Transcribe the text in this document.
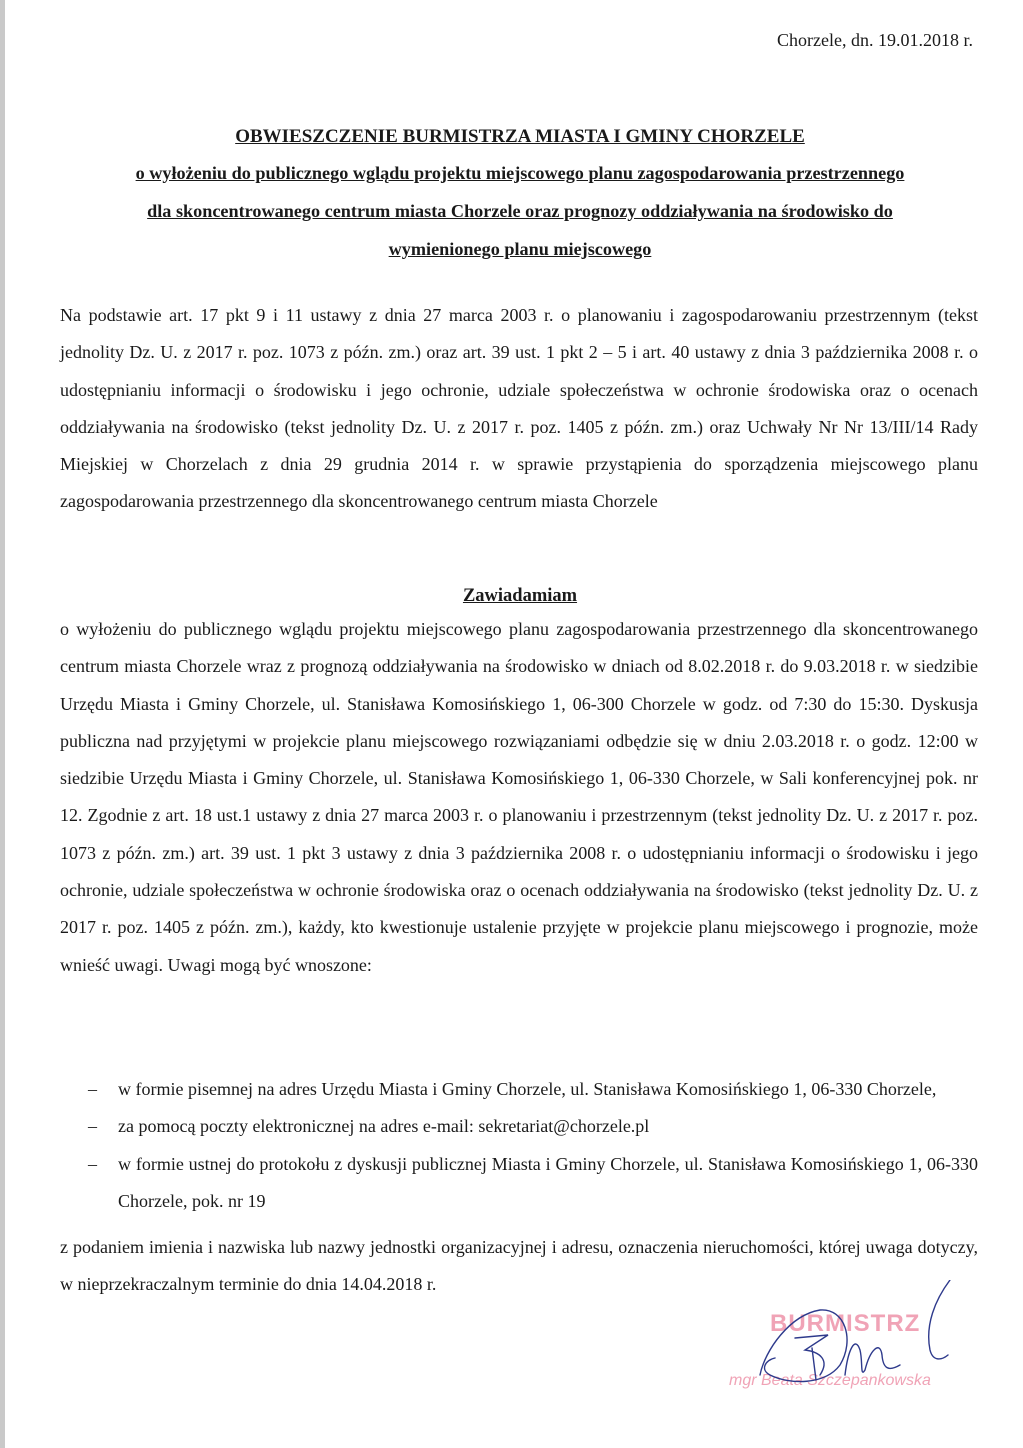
Chorzele, dn. 19.01.2018 r.
OBWIESZCZENIE BURMISTRZA MIASTA I GMINY CHORZELE
o wyłożeniu do publicznego wglądu projektu miejscowego planu zagospodarowania przestrzennego
dla skoncentrowanego centrum miasta Chorzele oraz prognozy oddziaływania na środowisko do
wymienionego planu miejscowego
Na podstawie art. 17 pkt 9 i 11 ustawy z dnia 27 marca 2003 r. o planowaniu i zagospodarowaniu przestrzennym (tekst jednolity Dz. U. z 2017 r. poz. 1073 z późn. zm.) oraz art. 39 ust. 1 pkt 2 – 5 i art. 40 ustawy z dnia 3 października 2008 r. o udostępnianiu informacji o środowisku i jego ochronie, udziale społeczeństwa w ochronie środowiska oraz o ocenach oddziaływania na środowisko (tekst jednolity Dz. U. z 2017 r. poz. 1405 z późn. zm.) oraz Uchwały Nr Nr 13/III/14 Rady Miejskiej w Chorzelach z dnia 29 grudnia 2014 r. w sprawie przystąpienia do sporządzenia miejscowego planu zagospodarowania przestrzennego dla skoncentrowanego centrum miasta Chorzele
Zawiadamiam
o wyłożeniu do publicznego wglądu projektu miejscowego planu zagospodarowania przestrzennego dla skoncentrowanego centrum miasta Chorzele wraz z prognozą oddziaływania na środowisko w dniach od 8.02.2018 r. do 9.03.2018 r. w siedzibie Urzędu Miasta i Gminy Chorzele, ul. Stanisława Komosińskiego 1, 06-300 Chorzele w godz. od 7:30 do 15:30. Dyskusja publiczna nad przyjętymi w projekcie planu miejscowego rozwiązaniami odbędzie się w dniu 2.03.2018 r. o godz. 12:00 w siedzibie Urzędu Miasta i Gminy Chorzele, ul. Stanisława Komosińskiego 1, 06-330 Chorzele, w Sali konferencyjnej pok. nr 12. Zgodnie z art. 18 ust.1 ustawy z dnia 27 marca 2003 r. o planowaniu i przestrzennym (tekst jednolity Dz. U. z 2017 r. poz. 1073 z późn. zm.) art. 39 ust. 1 pkt 3 ustawy z dnia 3 października 2008 r. o udostępnianiu informacji o środowisku i jego ochronie, udziale społeczeństwa w ochronie środowiska oraz o ocenach oddziaływania na środowisko (tekst jednolity Dz. U. z 2017 r. poz. 1405 z późn. zm.), każdy, kto kwestionuje ustalenie przyjęte w projekcie planu miejscowego i prognozie, może wnieść uwagi. Uwagi mogą być wnoszone:
– w formie pisemnej na adres Urzędu Miasta i Gminy Chorzele, ul. Stanisława Komosińskiego 1, 06-330 Chorzele,
– za pomocą poczty elektronicznej na adres e-mail: sekretariat@chorzele.pl
– w formie ustnej do protokołu z dyskusji publicznej Miasta i Gminy Chorzele, ul. Stanisława Komosińskiego 1, 06-330 Chorzele, pok. nr 19
z podaniem imienia i nazwiska lub nazwy jednostki organizacyjnej i adresu, oznaczenia nieruchomości, której uwaga dotyczy, w nieprzekraczalnym terminie do dnia 14.04.2018 r.
BURMISTRZ
mgr Beata Szczepankowska
